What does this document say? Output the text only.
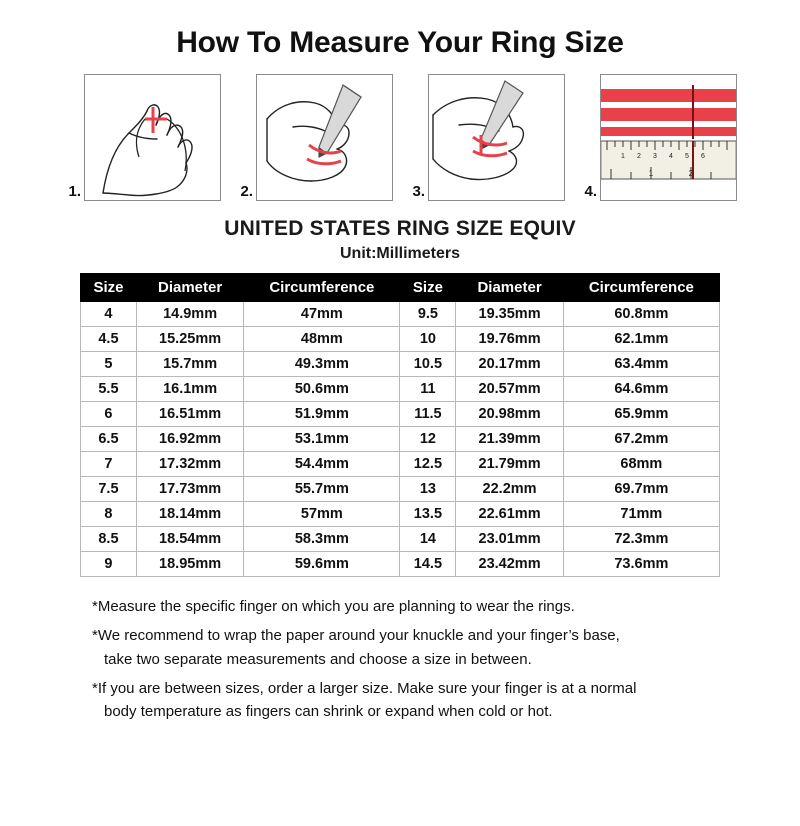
How To Measure Your Ring Size
1.	2.	3.	4.
1 2 3 4 5 6
1	2
UNITED STATES RING SIZE EQUIV
Unit:Millimeters
Size	Diameter	Circumference	Size	Diameter	Circumference
4	14.9mm	47mm	9.5	19.35mm	60.8mm
4.5	15.25mm	48mm	10	19.76mm	62.1mm
5	15.7mm	49.3mm	10.5	20.17mm	63.4mm
5.5	16.1mm	50.6mm	11	20.57mm	64.6mm
6	16.51mm	51.9mm	11.5	20.98mm	65.9mm
6.5	16.92mm	53.1mm	12	21.39mm	67.2mm
7	17.32mm	54.4mm	12.5	21.79mm	68mm
7.5	17.73mm	55.7mm	13	22.2mm	69.7mm
8	18.14mm	57mm	13.5	22.61mm	71mm
8.5	18.54mm	58.3mm	14	23.01mm	72.3mm
9	18.95mm	59.6mm	14.5	23.42mm	73.6mm
*Measure the specific finger on which you are planning to wear the rings.
*We recommend to wrap the paper around your knuckle and your finger’s base,
take two separate measurements and choose a size in between.
*If you are between sizes, order a larger size. Make sure your finger is at a normal
body temperature as fingers can shrink or expand when cold or hot.
